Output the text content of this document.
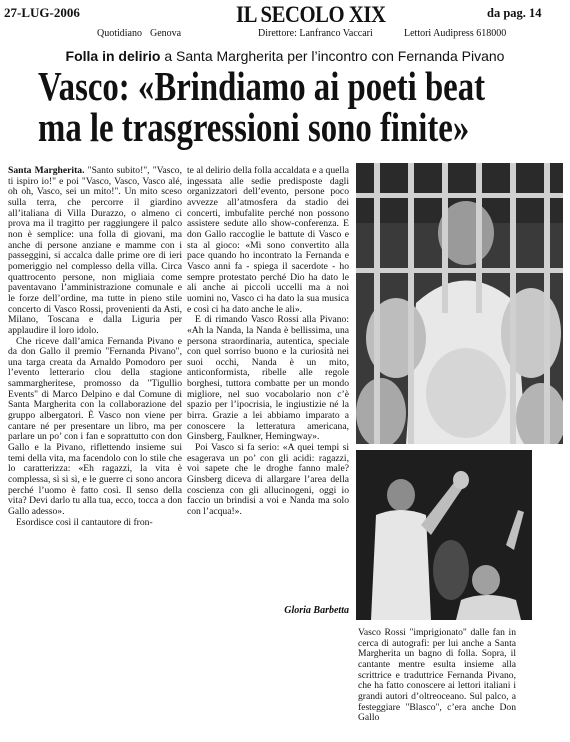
27-LUG-2006	IL SECOLO XIX	da pag. 14
Quotidiano Genova	Direttore: Lanfranco Vaccari	Lettori Audipress 618000
Folla in delirio a Santa Margherita per l’incontro con Fernanda Pivano
Vasco: «Brindiamo ai poeti beat
ma le trasgressioni sono finite»

Santa Margherita. "Santo subito!", "Vasco, ti ispiro io!" e poi "Vasco, Vasco, Vasco alé, oh oh, Vasco, sei un mito!". Un mito sceso sulla terra, che percorre il giardino all’italiana di Villa Durazzo, o almeno ci prova ma il tragitto per raggiungere il palco non è semplice: una folla di giovani, ma anche di persone anziane e mamme con i passeggini, si accalca dalle prime ore di ieri pomeriggio nel complesso della villa. Circa quattrocento persone, non migliaia come paventavano l’amministrazione comunale e le forze dell’ordine, ma tutte in pieno stile concerto di Vasco Rossi, provenienti da Asti, Milano, Toscana e dalla Liguria per applaudire il loro idolo.

Che riceve dall’amica Fernanda Pivano e da don Gallo il premio "Fernanda Pivano", una targa creata da Arnaldo Pomodoro per l’evento letterario clou della stagione sammargheritese, promosso da "Tigullio Events" di Marco Delpino e dal Comune di Santa Margherita con la collaborazione del gruppo albergatori. È Vasco non viene per cantare né per presentare un libro, ma per parlare un po’ con i fan e soprattutto con don Gallo e la Pivano, riflettendo insieme sui temi della vita, ma facendolo con lo stile che lo caratterizza: «Eh ragazzi, la vita è complessa, sì sì sì, e le guerre ci sono ancora perché l’uomo è fatto così. Il senso della vita? Devi darlo tu alla tua, ecco, tocca a don Gallo adesso».

Esordisce così il cantautore di fron-

te al delirio della folla accaldata e a quella ingessata alle sedie predisposte dagli organizzatori dell’evento, persone poco avvezze all’atmosfera da stadio dei concerti, imbufalite perché non possono assistere sedute allo show-conferenza. E don Gallo raccoglie le battute di Vasco e sta al gioco: «Mi sono convertito alla pace quando ho incontrato la Fernanda e Vasco anni fa - spiega il sacerdote - ho sempre protestato perché Dio ha dato le ali anche ai piccoli uccelli ma a noi uomini no, Vasco ci ha dato la sua musica e così ci ha dato anche le ali».

E di rimando Vasco Rossi alla Pivano: «Ah la Nanda, la Nanda è bellissima, una persona straordinaria, autentica, speciale con quel sorriso buono e la curiosità nei suoi occhi, Nanda è un mito, anticonformista, ribelle alle regole borghesi, tuttora combatte per un mondo migliore, nel suo vocabolario non c’è spazio per l’ipocrisia, le ingiustizie né la birra. Grazie a lei abbiamo imparato a conoscere la letteratura americana, Ginsberg, Faulkner, Hemingway».

Poi Vasco si fa serio: «A quei tempi si esagerava un po’ con gli acidi: ragazzi, voi sapete che le droghe fanno male? Ginsberg diceva di allargare l’area della coscienza con gli allucinogeni, oggi io faccio un brindisi a voi e Nanda ma solo con l’acqua!».

Gloria Barbetta
Vasco Rossi "imprigionato" dalle fan in cerca di autografi: per lui anche a Santa Margherita un bagno di folla. Sopra, il cantante mentre esulta insieme alla scrittrice e traduttrice Fernanda Pivano, che ha fatto conoscere ai lettori italiani i grandi autori d’oltreoceano. Sul palco, a festeggiare "Blasco", c’era anche Don Gallo
